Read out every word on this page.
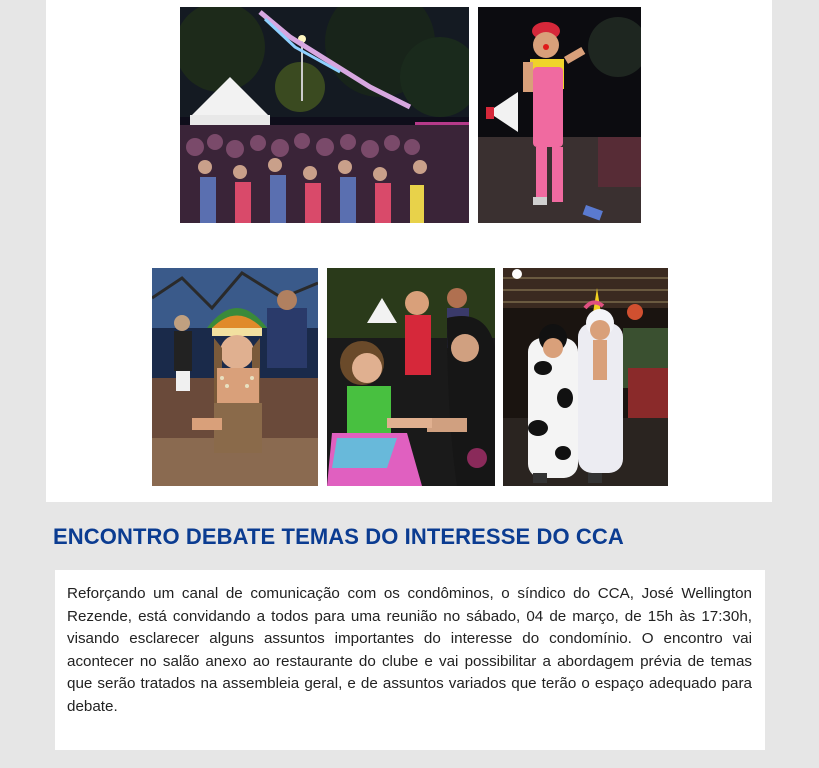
ENCONTRO DEBATE TEMAS DO INTERESSE DO CCA

Reforçando um canal de comunicação com os condôminos, o síndico do CCA, José Wellington Rezende, está convidando a todos para uma reunião no sábado, 04 de março, de 15h às 17:30h, visando esclarecer alguns assuntos importantes do interesse do condomínio. O encontro vai acontecer no salão anexo ao restaurante do clube e vai possibilitar a abordagem prévia de temas que serão tratados na assembleia geral, e de assuntos variados que terão o espaço adequado para debate.
